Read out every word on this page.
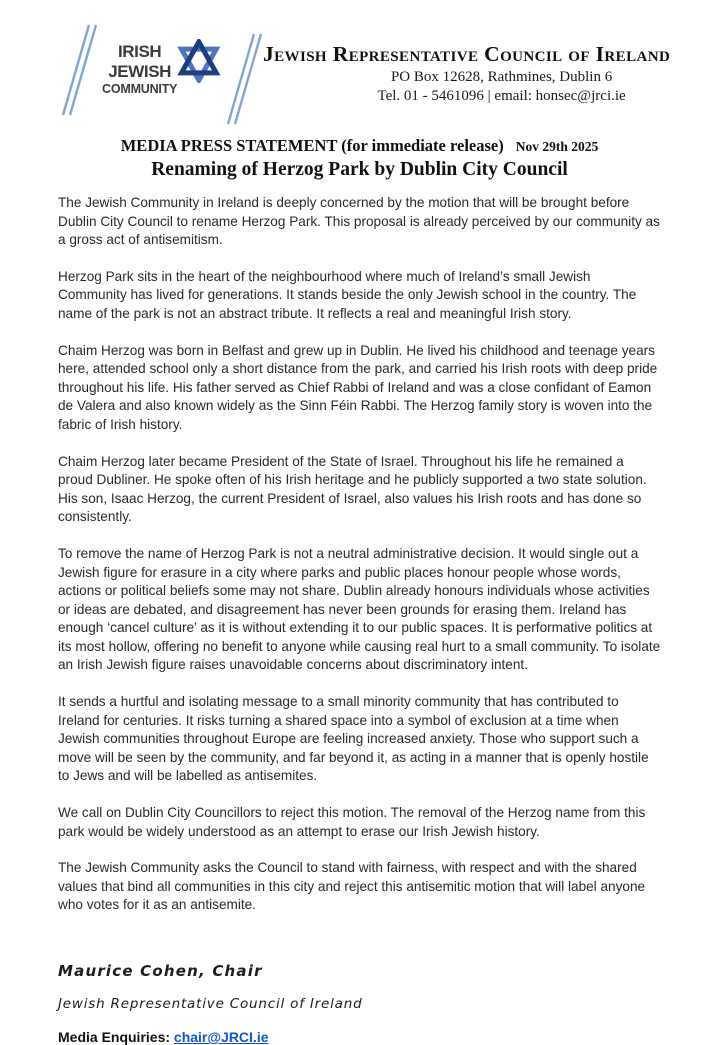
IRISH
JEWISH
COMMUNITY
Jewish Representative Council of Ireland
PO Box 12628, Rathmines, Dublin 6
Tel. 01 - 5461096 | email: honsec@jrci.ie
MEDIA PRESS STATEMENT (for immediate release) Nov 29th 2025
Renaming of Herzog Park by Dublin City Council

The Jewish Community in Ireland is deeply concerned by the motion that will be brought before Dublin City Council to rename Herzog Park. This proposal is already perceived by our community as a gross act of antisemitism.

Herzog Park sits in the heart of the neighbourhood where much of Ireland’s small Jewish Community has lived for generations. It stands beside the only Jewish school in the country. The name of the park is not an abstract tribute. It reflects a real and meaningful Irish story.

Chaim Herzog was born in Belfast and grew up in Dublin. He lived his childhood and teenage years here, attended school only a short distance from the park, and carried his Irish roots with deep pride throughout his life. His father served as Chief Rabbi of Ireland and was a close confidant of Eamon de Valera and also known widely as the Sinn Féin Rabbi. The Herzog family story is woven into the fabric of Irish history.

Chaim Herzog later became President of the State of Israel. Throughout his life he remained a proud Dubliner. He spoke often of his Irish heritage and he publicly supported a two state solution. His son, Isaac Herzog, the current President of Israel, also values his Irish roots and has done so consistently.

To remove the name of Herzog Park is not a neutral administrative decision. It would single out a Jewish figure for erasure in a city where parks and public places honour people whose words, actions or political beliefs some may not share. Dublin already honours individuals whose activities or ideas are debated, and disagreement has never been grounds for erasing them. Ireland has enough ‘cancel culture’ as it is without extending it to our public spaces. It is performative politics at its most hollow, offering no benefit to anyone while causing real hurt to a small community. To isolate an Irish Jewish figure raises unavoidable concerns about discriminatory intent.

It sends a hurtful and isolating message to a small minority community that has contributed to Ireland for centuries. It risks turning a shared space into a symbol of exclusion at a time when Jewish communities throughout Europe are feeling increased anxiety. Those who support such a move will be seen by the community, and far beyond it, as acting in a manner that is openly hostile to Jews and will be labelled as antisemites.

We call on Dublin City Councillors to reject this motion. The removal of the Herzog name from this park would be widely understood as an attempt to erase our Irish Jewish history.

The Jewish Community asks the Council to stand with fairness, with respect and with the shared values that bind all communities in this city and reject this antisemitic motion that will label anyone who votes for it as an antisemite.

Maurice Cohen, Chair
Jewish Representative Council of Ireland
Media Enquiries: chair@JRCI.ie
